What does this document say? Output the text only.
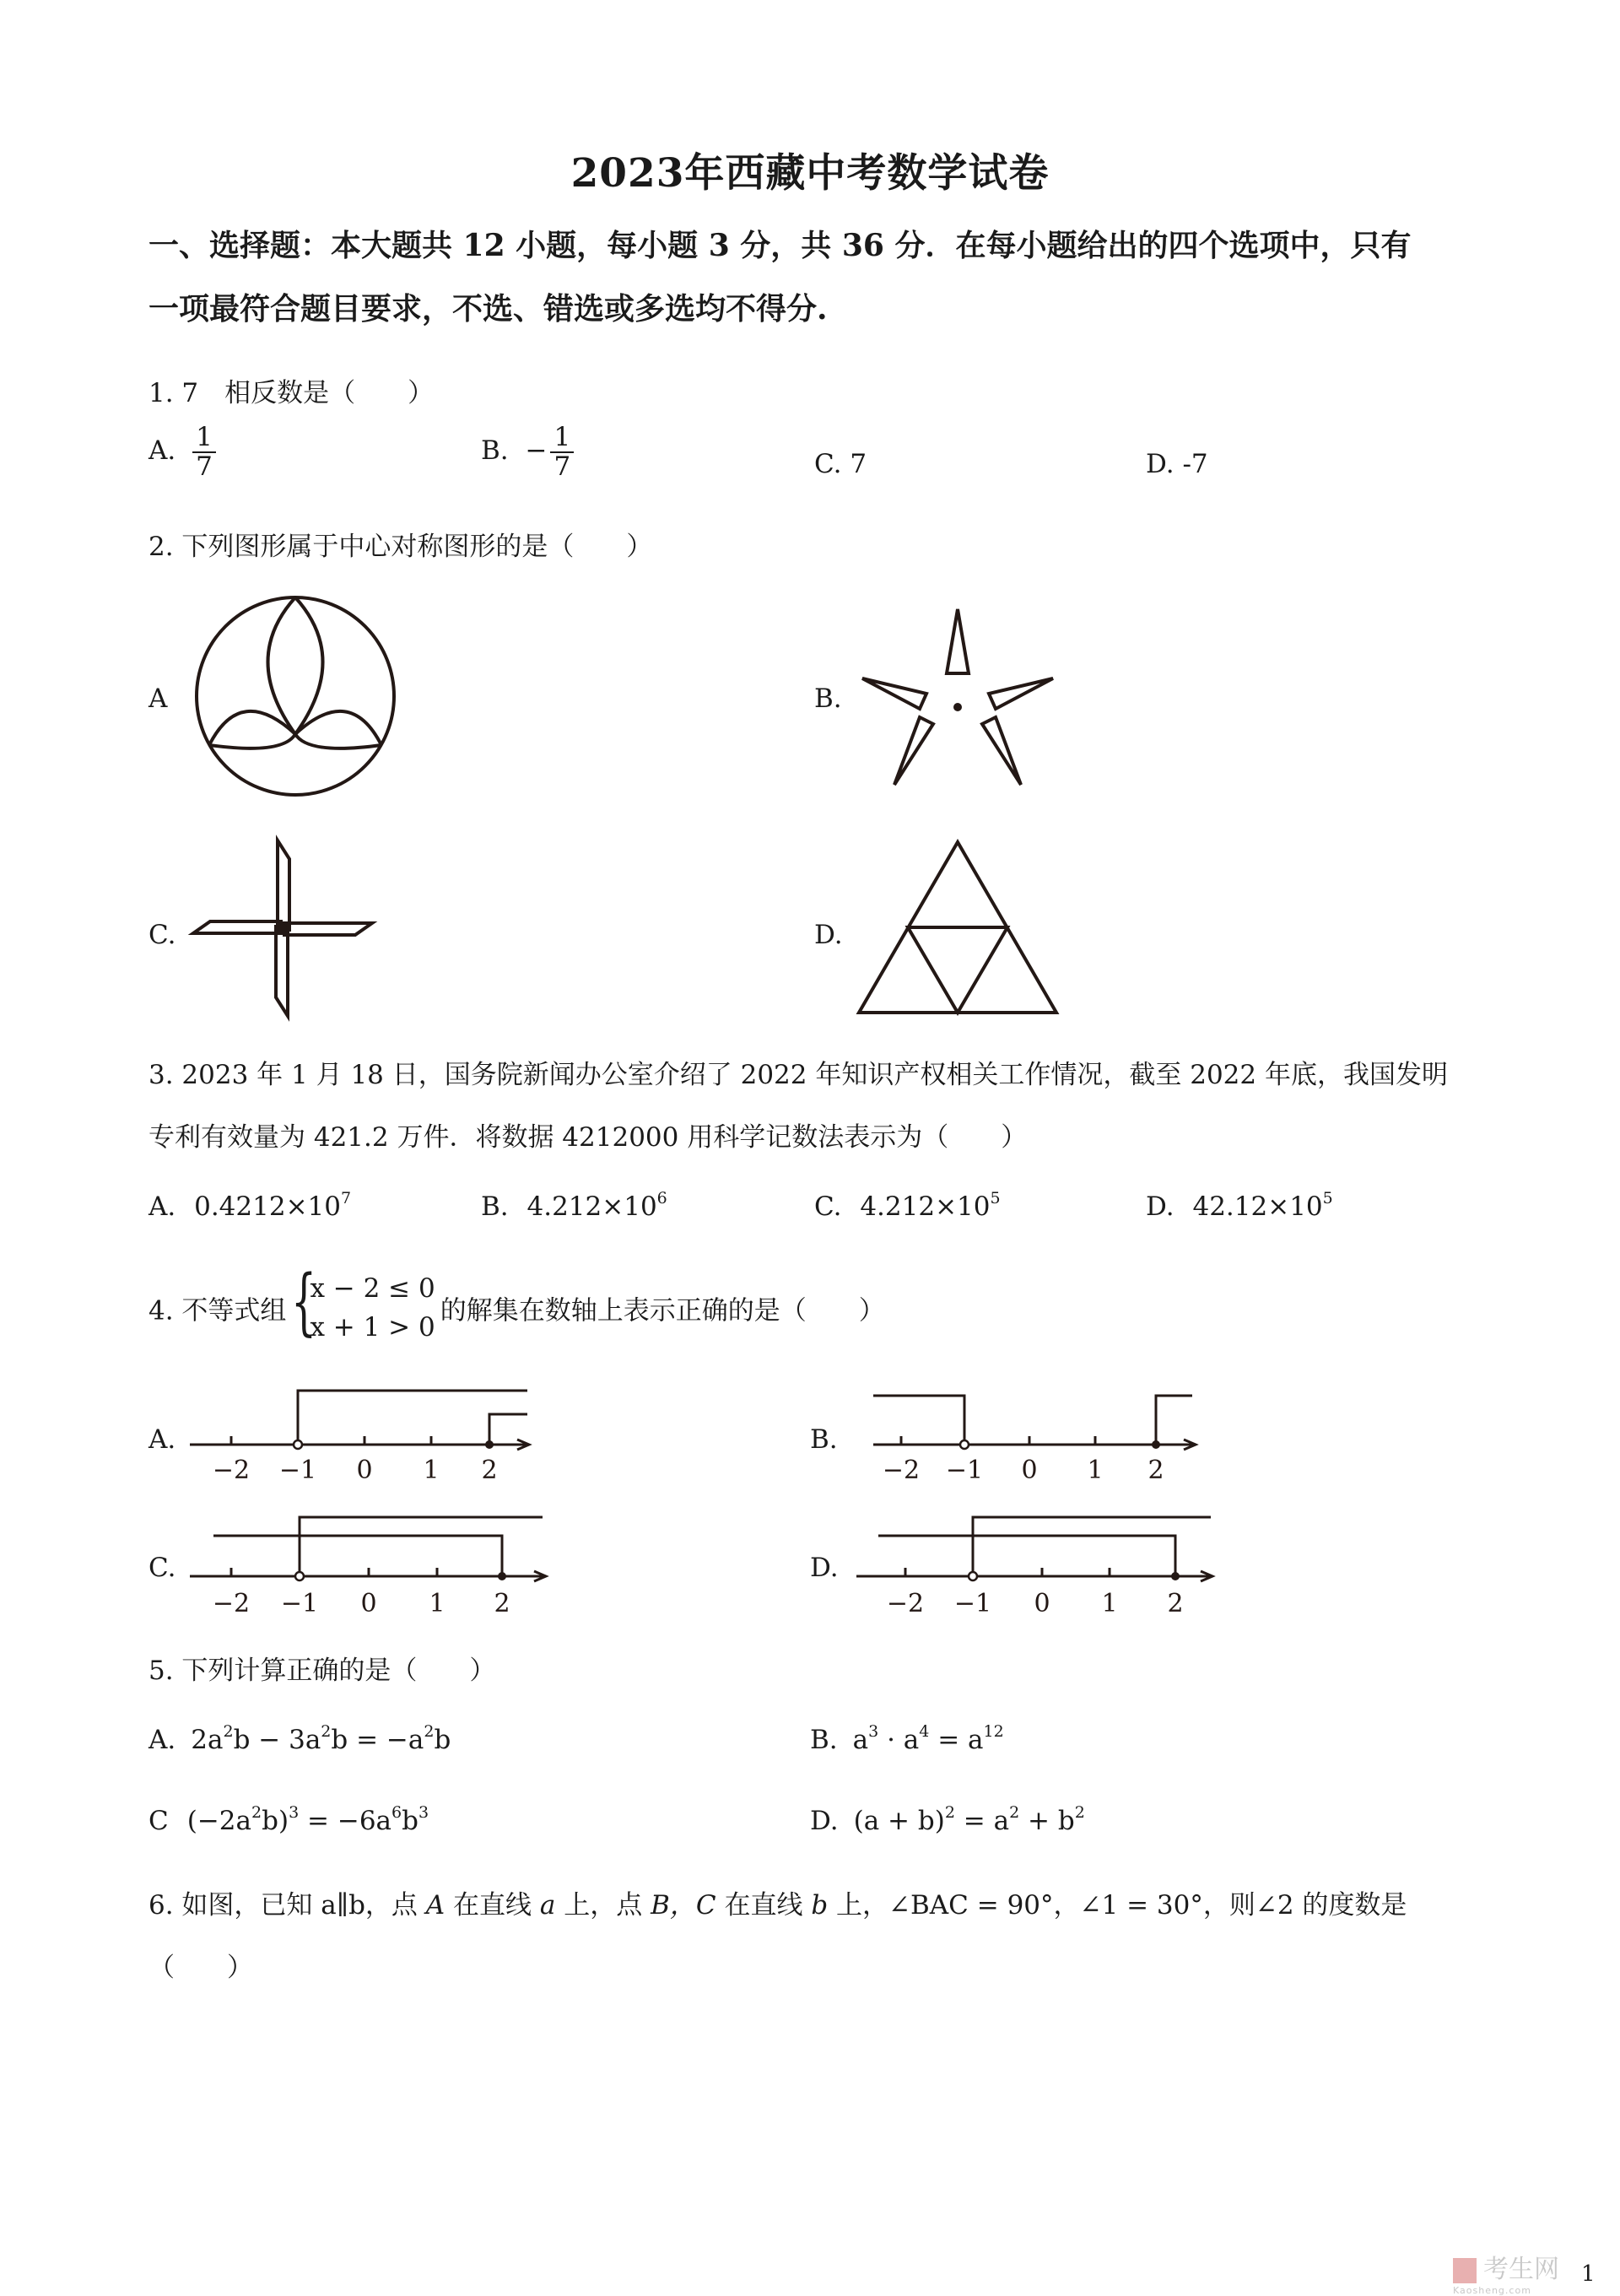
2023年西藏中考数学试卷
一、选择题：本大题共 12 小题，每小题 3 分，共 36 分．在每小题给出的四个选项中，只有
一项最符合题目要求，不选、错选或多选均不得分.
1. 7　相反数是（　　）
A. $\frac{1}{7}$	B. − $\frac{1}{7}$	C. 7	D. -7
2. 下列图形属于中心对称图形的是（　　）
A	B.
C.	D.
3. 2023 年 1 月 18 日，国务院新闻办公室介绍了 2022 年知识产权相关工作情况，截至 2022 年底，我国发明
专利有效量为 421.2 万件．将数据 4212000 用科学记数法表示为（　　）
A. $0.4212\times 10^7$	B. $4.212\times 10^6$	C. $4.212\times 10^5$	D. $42.12\times 10^5$
4. 不等式组 {
x − 2 ≤ 0
x + 1 > 0
的解集在数轴上表示正确的是（　　）
A.	B.
C.	D.
−2 −1 0 1 2	−2 −1 0 1 2
−2 −1 0 1 2	−2 −1 0 1 2
5. 下列计算正确的是（　　）
A. $2a^2b - 3a^2b = -a^2b$	B. $a^3 \cdot a^4 = a^{12}$
C $(-2a^2b)^3 = -6a^6b^3$	D. $(a + b)^2 = a^2 + b^2$
6. 如图，已知 a∥b，点 A 在直线 a 上，点 B，C 在直线 b 上，∠BAC = 90°，∠1 = 30°，则∠2 的度数是
（　　）
考生网
Kaosheng.com
1
